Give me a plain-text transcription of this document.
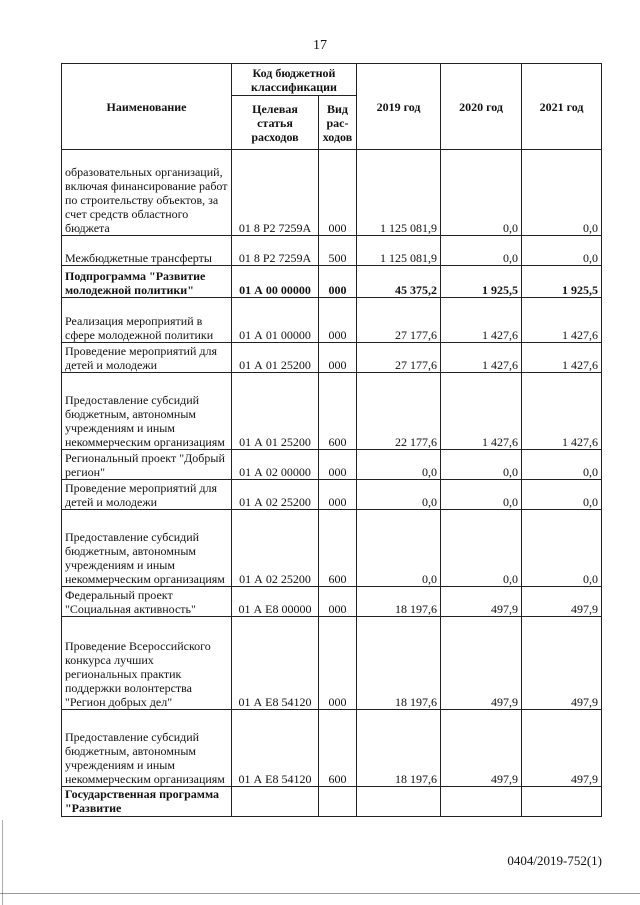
17
Наименование	Код бюджетной классификации		2019 год	2020 год	2021 год
	Целевая статья расходов	Вид рас-ходов			
образовательных организаций, включая финансирование работ по строительству объектов, за счет средств областного бюджета	01 8 P2 7259A	000	1 125 081,9	0,0	0,0
Межбюджетные трансферты	01 8 P2 7259A	500	1 125 081,9	0,0	0,0
Подпрограмма "Развитие молодежной политики"	01 А 00 00000	000	45 375,2	1 925,5	1 925,5
Реализация мероприятий в сфере молодежной политики	01 А 01 00000	000	27 177,6	1 427,6	1 427,6
Проведение мероприятий для детей и молодежи	01 А 01 25200	000	27 177,6	1 427,6	1 427,6
Предоставление субсидий бюджетным, автономным учреждениям и иным некоммерческим организациям	01 А 01 25200	600	22 177,6	1 427,6	1 427,6
Региональный проект "Добрый регион"	01 А 02 00000	000	0,0	0,0	0,0
Проведение мероприятий для детей и молодежи	01 А 02 25200	000	0,0	0,0	0,0
Предоставление субсидий бюджетным, автономным учреждениям и иным некоммерческим организациям	01 А 02 25200	600	0,0	0,0	0,0
Федеральный проект "Социальная активность"	01 А E8 00000	000	18 197,6	497,9	497,9
Проведение Всероссийского конкурса лучших региональных практик поддержки волонтерства "Регион добрых дел"	01 А E8 54120	000	18 197,6	497,9	497,9
Предоставление субсидий бюджетным, автономным учреждениям и иным некоммерческим организациям	01 А E8 54120	600	18 197,6	497,9	497,9
Государственная программа "Развитие					
0404/2019-752(1)
